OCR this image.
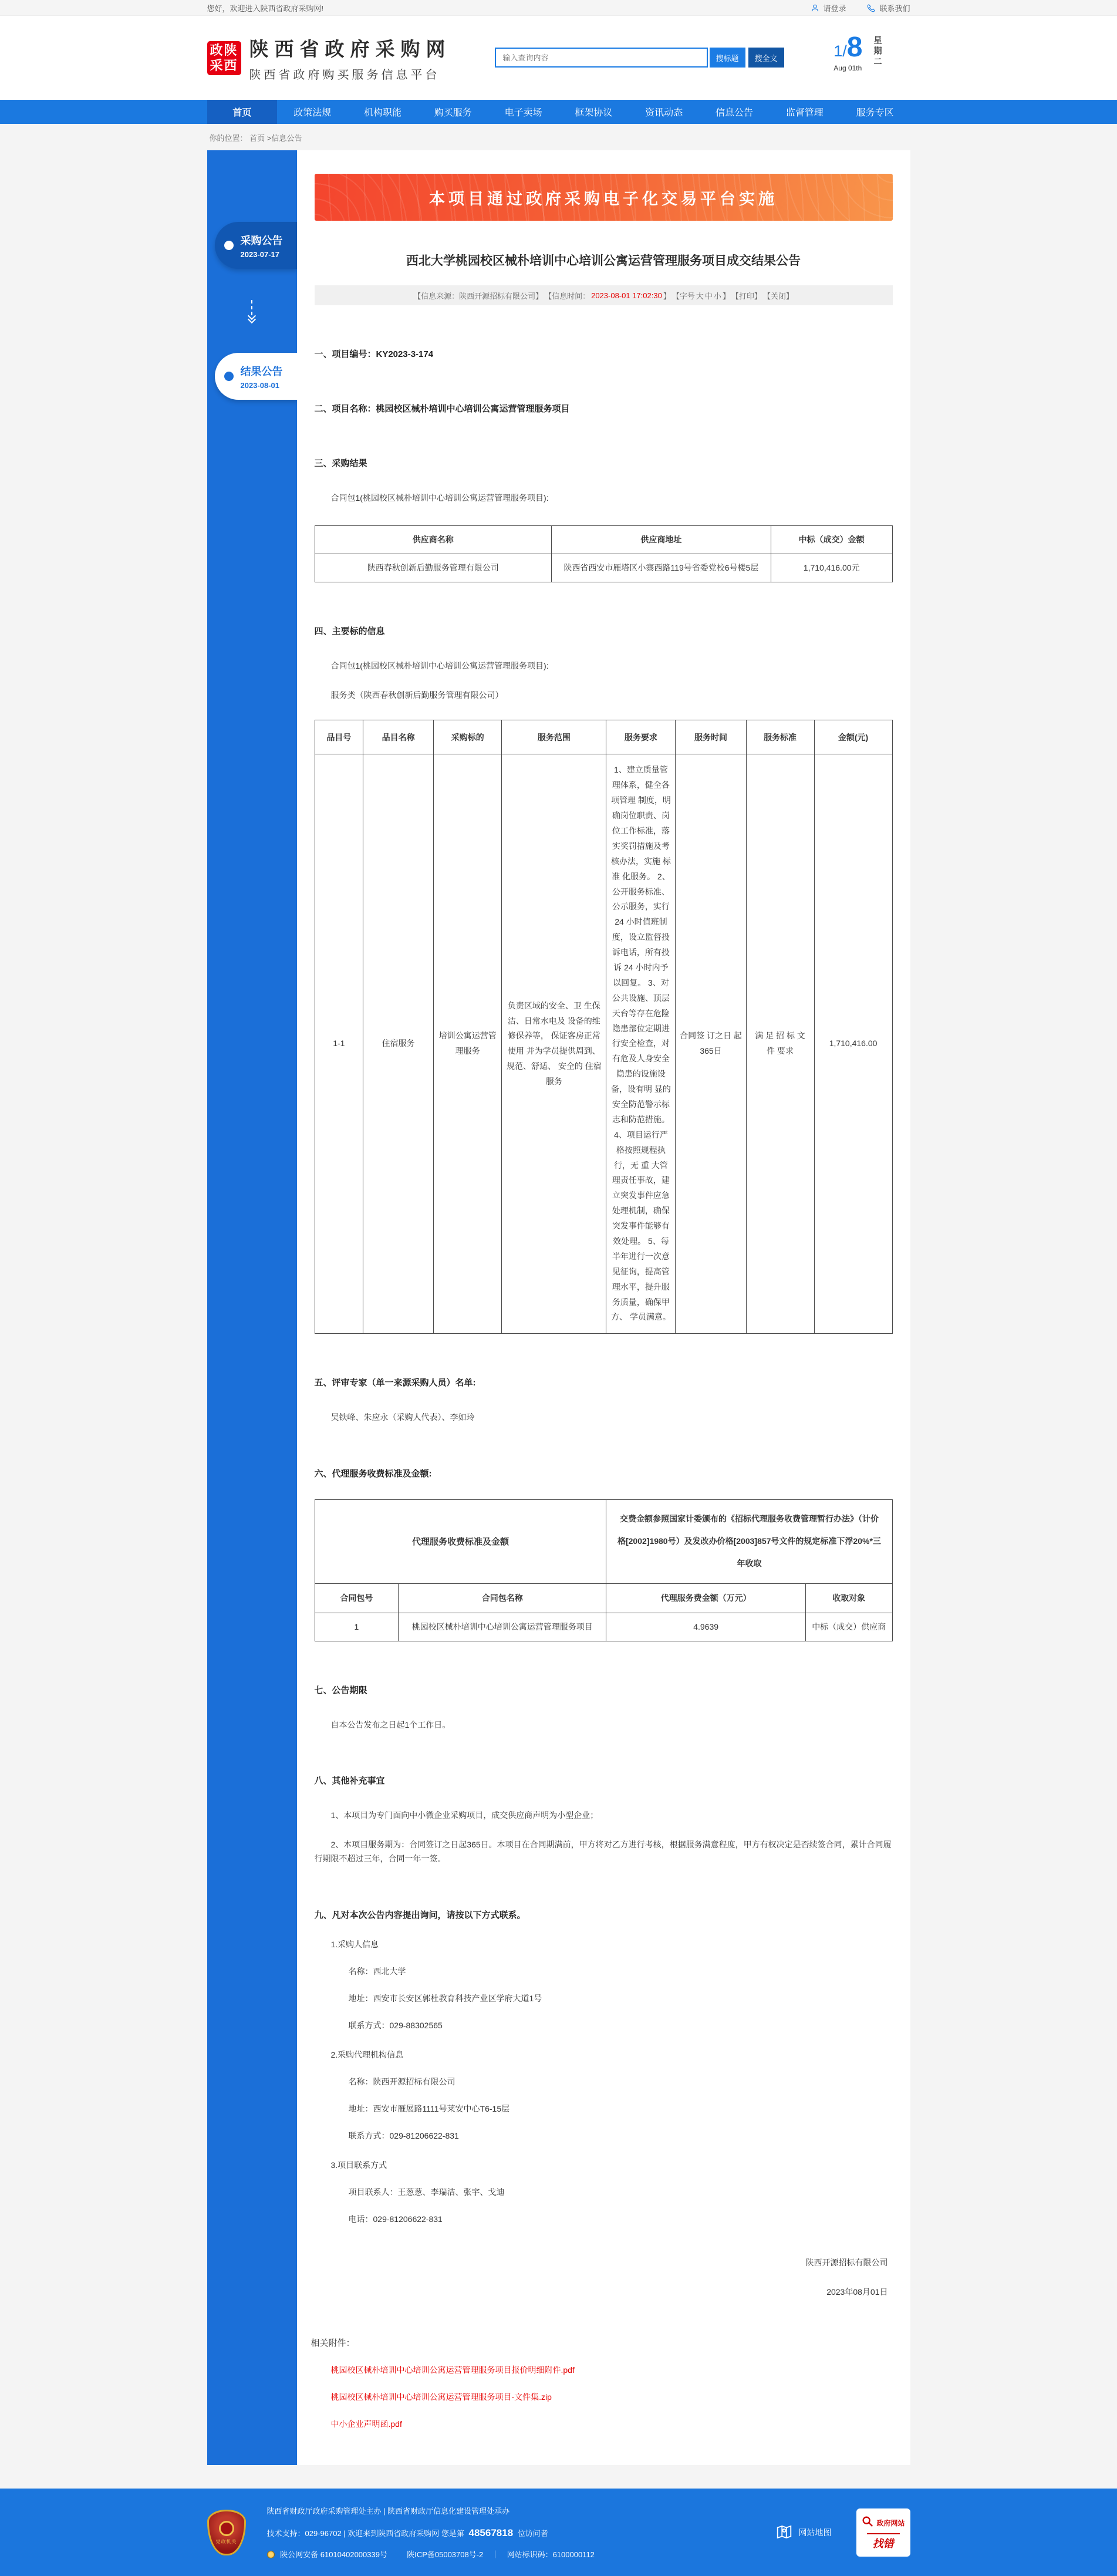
您好，欢迎进入陕西省政府采购网!	请登录	联系我们
政陕
采西
陕西省政府采购网
陕西省政府购买服务信息平台
输入查询内容
搜标题	搜全文	1/8
Aug 01th
星期二
首页	政策法规	机构职能	购买服务	电子卖场	框架协议	资讯动态	信息公告	监督管理	服务专区
你的位置： 首页 >信息公告
采购公告
2023-07-17
结果公告
2023-08-01
本项目通过政府采购电子化交易平台实施
西北大学桃园校区械朴培训中心培训公寓运营管理服务项目成交结果公告
【信息来源：陕西开源招标有限公司】 【信息时间： 2023-08-01 17:02:30 】 【字号 大 中 小 】 【打印】 【关闭】
一、项目编号：KY2023-3-174
二、项目名称：桃园校区械朴培训中心培训公寓运营管理服务项目
三、采购结果

合同包1(桃园校区械朴培训中心培训公寓运营管理服务项目):

供应商名称	供应商地址	中标（成交）金额
陕西春秋创新后勤服务管理有限公司	陕西省西安市雁塔区小寨西路119号省委党校6号楼5层	1,710,416.00元
四、主要标的信息

合同包1(桃园校区械朴培训中心培训公寓运营管理服务项目):

服务类（陕西春秋创新后勤服务管理有限公司）

品目号	品目名称	采购标的	服务范围	服务要求	服务时间	服务标准	金额(元)
1-1	住宿服务	培训公寓运营管理服务	负责区域的安全、卫 生保洁、日常水电及 设备的维修保养等， 保证客房正常使用 并为学员提供周到、 规范、舒适、 安全的 住宿服务	1、建立质量管理体系，健全各项管理 制度，明确岗位职责、岗位工作标准，落实奖罚措施及考核办法，实施 标准 化服务。 2、公开服务标准、公示服务，实行 24 小时值班制度，设立监督投诉电话，所有投诉 24 小时内予以回复。 3、对公共设施、顶层天台等存在危险隐患部位定期进行安全检查，对有危及人身安全隐患的设施设备，设有明 显的安全防范警示标志和防范措施。 4、项目运行严格按照规程执行，无 重 大管理责任事故，建立突发事件应急 处理机制，确保突发事件能够有效处理。 5、每半年进行一次意见征询，提高管 理水平，提升服务质量，确保甲方、 学员满意。	合同签 订之日 起365日	满 足 招 标 文 件 要求	1,710,416.00
五、评审专家（单一来源采购人员）名单:

吴铁峰、朱应永（采购人代表）、李如玲

六、代理服务收费标准及金额:
代理服务收费标准及金额		交费金额参照国家计委颁布的《招标代理服务收费管理暂行办法》（计价格[2002]1980号）及发改办价格[2003]857号文件的规定标准下浮20%*三年收取	
合同包号	合同包名称	代理服务费金额（万元）	收取对象
1	桃园校区械朴培训中心培训公寓运营管理服务项目	4.9639	中标（成交）供应商
七、公告期限

自本公告发布之日起1个工作日。

八、其他补充事宜

1、本项目为专门面向中小微企业采购项目，成交供应商声明为小型企业；

2、本项目服务期为：合同签订之日起365日。本项目在合同期满前，甲方将对乙方进行考核，根据服务满意程度，甲方有权决定是否续签合同，累计合同履行期限不超过三年，合同一年一签。

九、凡对本次公告内容提出询问，请按以下方式联系。

1.采购人信息

名称：西北大学

地址：西安市长安区郭杜教育科技产业区学府大道1号

联系方式：029-88302565

2.采购代理机构信息

名称：陕西开源招标有限公司

地址：西安市雁展路1111号莱安中心T6-15层

联系方式：029-81206622-831

3.项目联系方式

项目联系人：王葱葱、李瑞洁、张宇、戈迪

电话：029-81206622-831

陕西开源招标有限公司
2023年08月01日
相关附件：
桃园校区械朴培训中心培训公寓运营管理服务项目报价明细附件.pdf
桃园校区械朴培训中心培训公寓运营管理服务项目-文件集.zip
中小企业声明函.pdf
党政机关
陕西省财政厅政府采购管理处主办 | 陕西省财政厅信息化建设管理处承办
技术支持：029-96702 | 欢迎来到陕西省政府采购网 您是第 48567818 位访问者
陕公网安备 61010402000339号	陕ICP备05003708号-2 ｜ 网站标识码：6100000112
网站地图
政府网站
找错
